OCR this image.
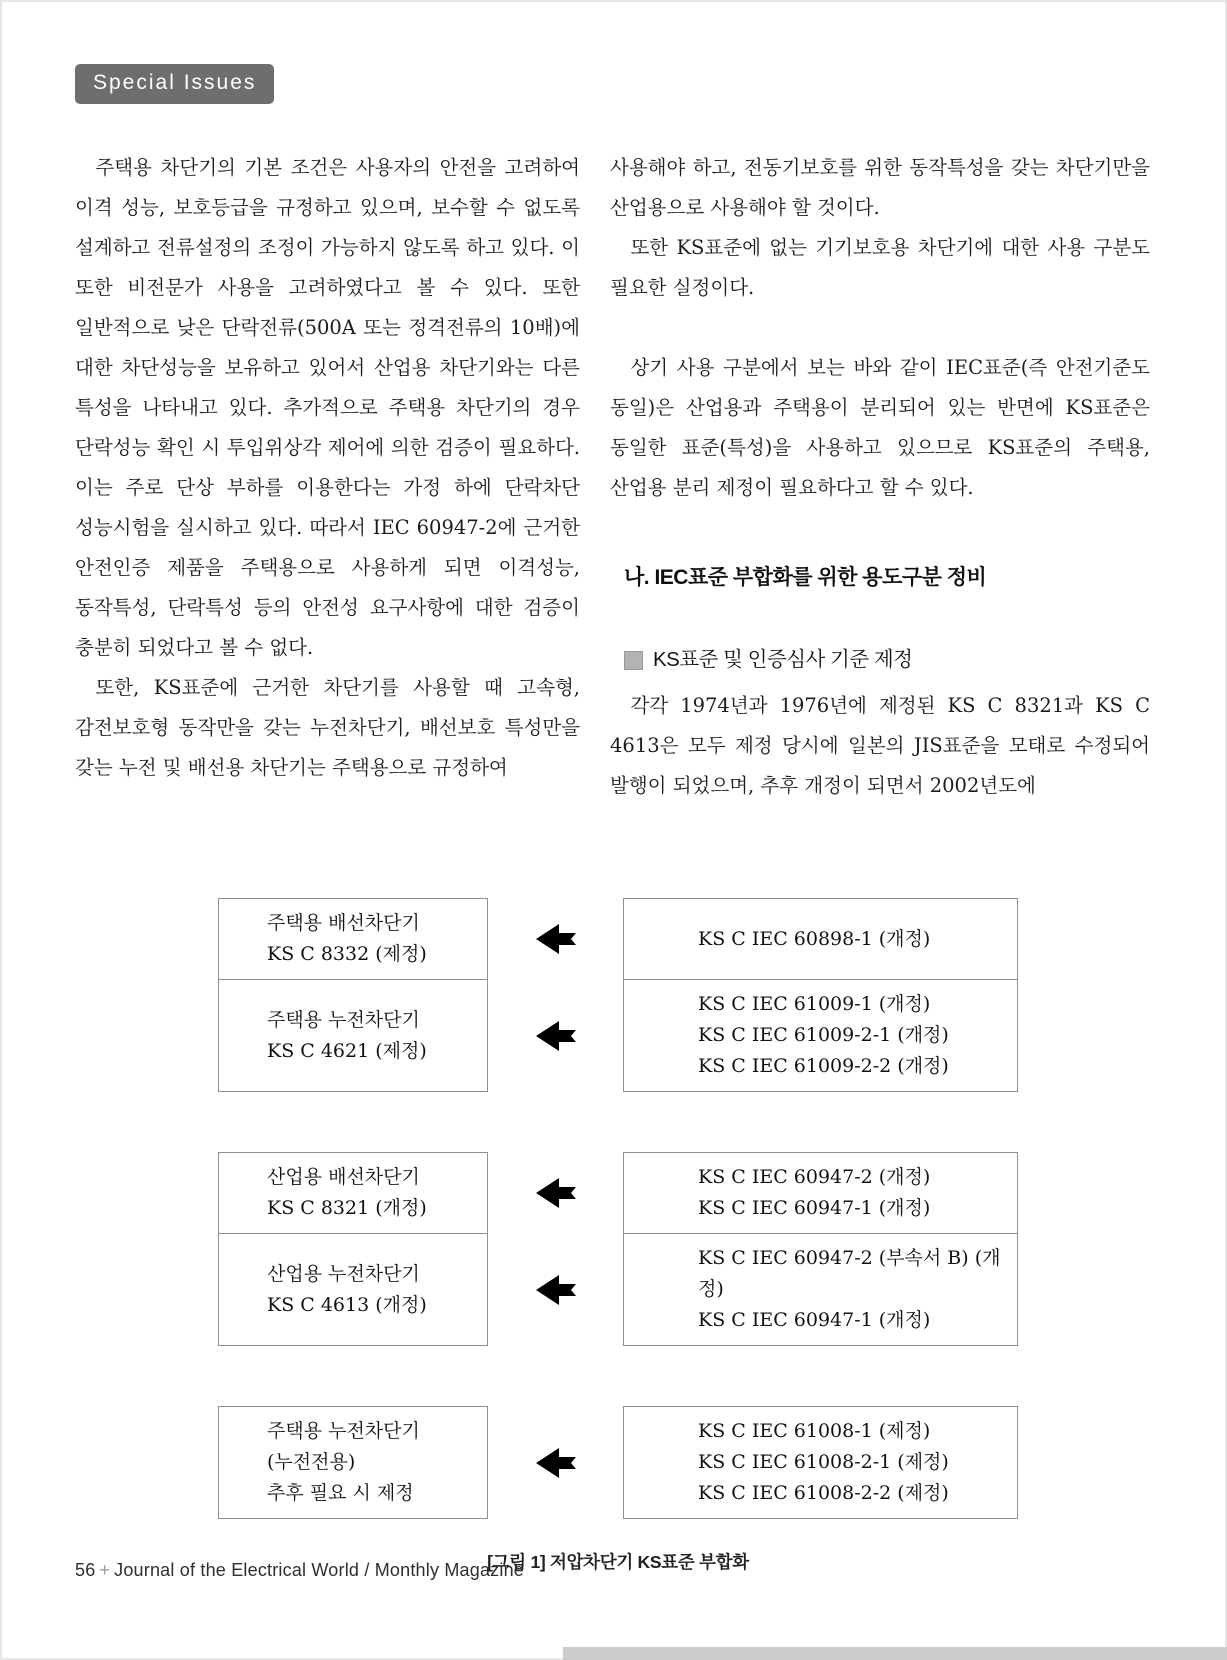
Special Issues

주택용 차단기의 기본 조건은 사용자의 안전을 고려하여 이격 성능, 보호등급을 규정하고 있으며, 보수할 수 없도록 설계하고 전류설정의 조정이 가능하지 않도록 하고 있다. 이 또한 비전문가 사용을 고려하였다고 볼 수 있다. 또한 일반적으로 낮은 단락전류(500A 또는 정격전류의 10배)에 대한 차단성능을 보유하고 있어서 산업용 차단기와는 다른 특성을 나타내고 있다. 추가적으로 주택용 차단기의 경우 단락성능 확인 시 투입위상각 제어에 의한 검증이 필요하다. 이는 주로 단상 부하를 이용한다는 가정 하에 단락차단 성능시험을 실시하고 있다. 따라서 IEC 60947-2에 근거한 안전인증 제품을 주택용으로 사용하게 되면 이격성능, 동작특성, 단락특성 등의 안전성 요구사항에 대한 검증이 충분히 되었다고 볼 수 없다.

또한, KS표준에 근거한 차단기를 사용할 때 고속형, 감전보호형 동작만을 갖는 누전차단기, 배선보호 특성만을 갖는 누전 및 배선용 차단기는 주택용으로 규정하여

사용해야 하고, 전동기보호를 위한 동작특성을 갖는 차단기만을 산업용으로 사용해야 할 것이다.

또한 KS표준에 없는 기기보호용 차단기에 대한 사용 구분도 필요한 실정이다.

상기 사용 구분에서 보는 바와 같이 IEC표준(즉 안전기준도 동일)은 산업용과 주택용이 분리되어 있는 반면에 KS표준은 동일한 표준(특성)을 사용하고 있으므로 KS표준의 주택용, 산업용 분리 제정이 필요하다고 할 수 있다.

나. IEC표준 부합화를 위한 용도구분 정비
KS표준 및 인증심사 기준 제정

각각 1974년과 1976년에 제정된 KS C 8321과 KS C 4613은 모두 제정 당시에 일본의 JIS표준을 모태로 수정되어 발행이 되었으며, 추후 개정이 되면서 2002년도에

주택용 배선차단기
KS C 8332 (제정)
KS C IEC 60898-1 (개정)
주택용 누전차단기
KS C 4621 (제정)
KS C IEC 61009-1 (개정)
KS C IEC 61009-2-1 (개정)
KS C IEC 61009-2-2 (개정)
산업용 배선차단기
KS C 8321 (개정)
KS C IEC 60947-2 (개정)
KS C IEC 60947-1 (개정)
산업용 누전차단기
KS C 4613 (개정)
KS C IEC 60947-2 (부속서 B) (개정)
KS C IEC 60947-1 (개정)
주택용 누전차단기
(누전전용)
추후 필요 시 제정
KS C IEC 61008-1 (제정)
KS C IEC 61008-2-1 (제정)
KS C IEC 61008-2-2 (제정)
[그림 1] 저압차단기 KS표준 부합화
56 + Journal of the Electrical World / Monthly Magazine
